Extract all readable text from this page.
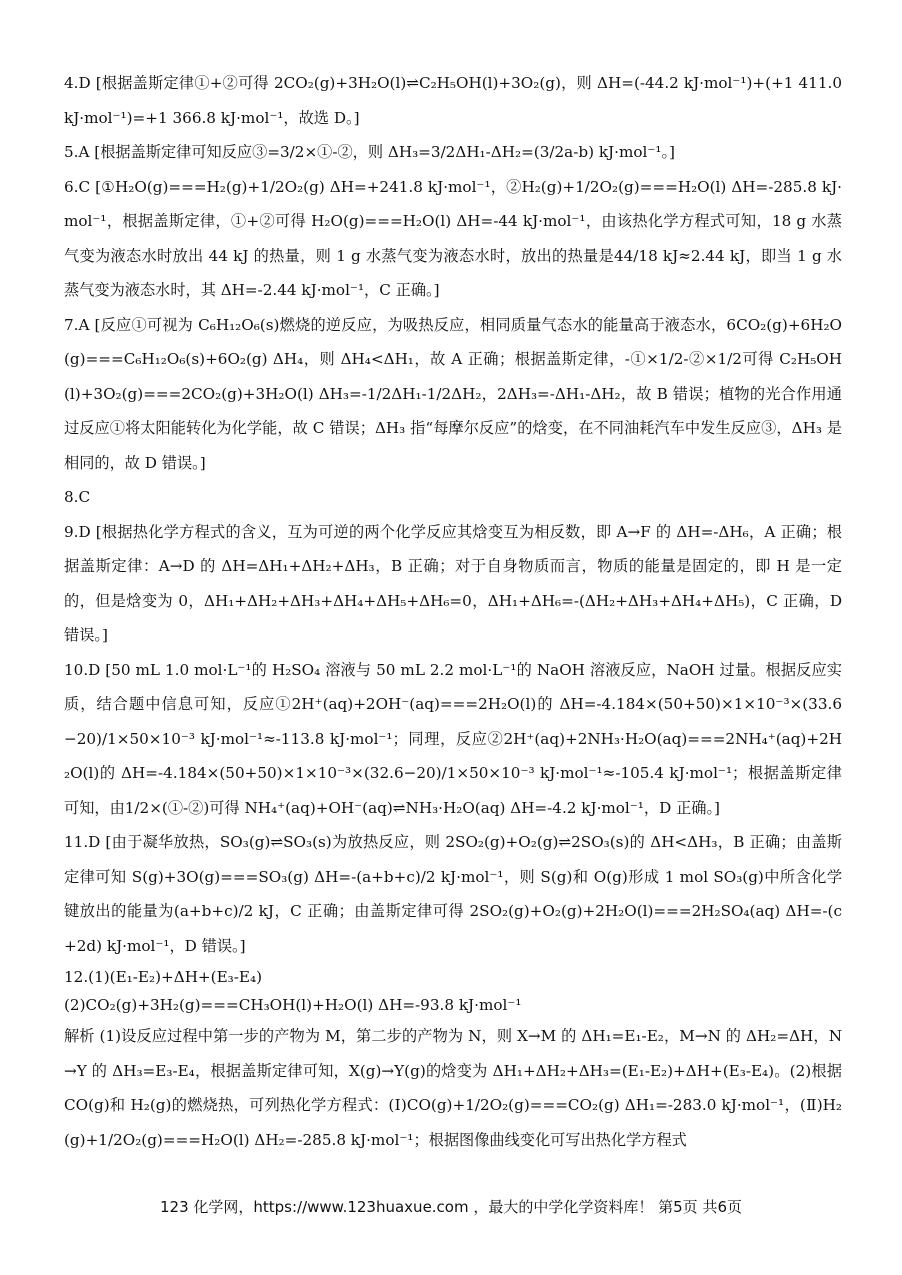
4.D [根据盖斯定律①+②可得 2CO₂(g)+3H₂O(l)⇌C₂H₅OH(l)+3O₂(g)，则 ΔH=(-44.2 kJ·mol⁻¹)+(+1 411.0 kJ·mol⁻¹)=+1 366.8 kJ·mol⁻¹，故选 D。]
5.A [根据盖斯定律可知反应③=3/2×①-②，则 ΔH₃=3/2ΔH₁-ΔH₂=(3/2a-b) kJ·mol⁻¹。]
6.C [①H₂O(g)===H₂(g)+1/2O₂(g) ΔH=+241.8 kJ·mol⁻¹，②H₂(g)+1/2O₂(g)===H₂O(l) ΔH=-285.8 kJ·mol⁻¹，根据盖斯定律，①+②可得 H₂O(g)===H₂O(l) ΔH=-44 kJ·mol⁻¹，由该热化学方程式可知，18 g 水蒸气变为液态水时放出 44 kJ 的热量，则 1 g 水蒸气变为液态水时，放出的热量是44/18 kJ≈2.44 kJ，即当 1 g 水蒸气变为液态水时，其 ΔH=-2.44 kJ·mol⁻¹，C 正确。]
7.A [反应①可视为 C₆H₁₂O₆(s)燃烧的逆反应，为吸热反应，相同质量气态水的能量高于液态水，6CO₂(g)+6H₂O(g)===C₆H₁₂O₆(s)+6O₂(g) ΔH₄，则 ΔH₄<ΔH₁，故 A 正确；根据盖斯定律，-①×1/2-②×1/2可得 C₂H₅OH(l)+3O₂(g)===2CO₂(g)+3H₂O(l) ΔH₃=-1/2ΔH₁-1/2ΔH₂，2ΔH₃=-ΔH₁-ΔH₂，故 B 错误；植物的光合作用通过反应①将太阳能转化为化学能，故 C 错误；ΔH₃ 指“每摩尔反应”的焓变，在不同油耗汽车中发生反应③，ΔH₃ 是相同的，故 D 错误。]
8.C
9.D [根据热化学方程式的含义，互为可逆的两个化学反应其焓变互为相反数，即 A→F 的 ΔH=-ΔH₆，A 正确；根据盖斯定律：A→D 的 ΔH=ΔH₁+ΔH₂+ΔH₃，B 正确；对于自身物质而言，物质的能量是固定的，即 H 是一定的，但是焓变为 0，ΔH₁+ΔH₂+ΔH₃+ΔH₄+ΔH₅+ΔH₆=0，ΔH₁+ΔH₆=-(ΔH₂+ΔH₃+ΔH₄+ΔH₅)，C 正确，D 错误。]
10.D [50 mL 1.0 mol·L⁻¹的 H₂SO₄ 溶液与 50 mL 2.2 mol·L⁻¹的 NaOH 溶液反应，NaOH 过量。根据反应实质，结合题中信息可知，反应①2H⁺(aq)+2OH⁻(aq)===2H₂O(l)的 ΔH=-4.184×(50+50)×1×10⁻³×(33.6−20)/1×50×10⁻³ kJ·mol⁻¹≈-113.8 kJ·mol⁻¹；同理，反应②2H⁺(aq)+2NH₃·H₂O(aq)===2NH₄⁺(aq)+2H₂O(l)的 ΔH=-4.184×(50+50)×1×10⁻³×(32.6−20)/1×50×10⁻³ kJ·mol⁻¹≈-105.4 kJ·mol⁻¹；根据盖斯定律可知，由1/2×(①-②)可得 NH₄⁺(aq)+OH⁻(aq)⇌NH₃·H₂O(aq) ΔH=-4.2 kJ·mol⁻¹，D 正确。]
11.D [由于凝华放热，SO₃(g)⇌SO₃(s)为放热反应，则 2SO₂(g)+O₂(g)⇌2SO₃(s)的 ΔH<ΔH₃，B 正确；由盖斯定律可知 S(g)+3O(g)===SO₃(g) ΔH=-(a+b+c)/2 kJ·mol⁻¹，则 S(g)和 O(g)形成 1 mol SO₃(g)中所含化学键放出的能量为(a+b+c)/2 kJ，C 正确；由盖斯定律可得 2SO₂(g)+O₂(g)+2H₂O(l)===2H₂SO₄(aq) ΔH=-(c+2d) kJ·mol⁻¹，D 错误。]
12.(1)(E₁-E₂)+ΔH+(E₃-E₄)
(2)CO₂(g)+3H₂(g)===CH₃OH(l)+H₂O(l) ΔH=-93.8 kJ·mol⁻¹
解析 (1)设反应过程中第一步的产物为 M，第二步的产物为 N，则 X→M 的 ΔH₁=E₁-E₂，M→N 的 ΔH₂=ΔH，N→Y 的 ΔH₃=E₃-E₄，根据盖斯定律可知，X(g)→Y(g)的焓变为 ΔH₁+ΔH₂+ΔH₃=(E₁-E₂)+ΔH+(E₃-E₄)。(2)根据 CO(g)和 H₂(g)的燃烧热，可列热化学方程式：(Ⅰ)CO(g)+1/2O₂(g)===CO₂(g) ΔH₁=-283.0 kJ·mol⁻¹，(Ⅱ)H₂(g)+1/2O₂(g)===H₂O(l) ΔH₂=-285.8 kJ·mol⁻¹；根据图像曲线变化可写出热化学方程式
123 化学网，https://www.123huaxue.com ，最大的中学化学资料库！ 第5页 共6页
